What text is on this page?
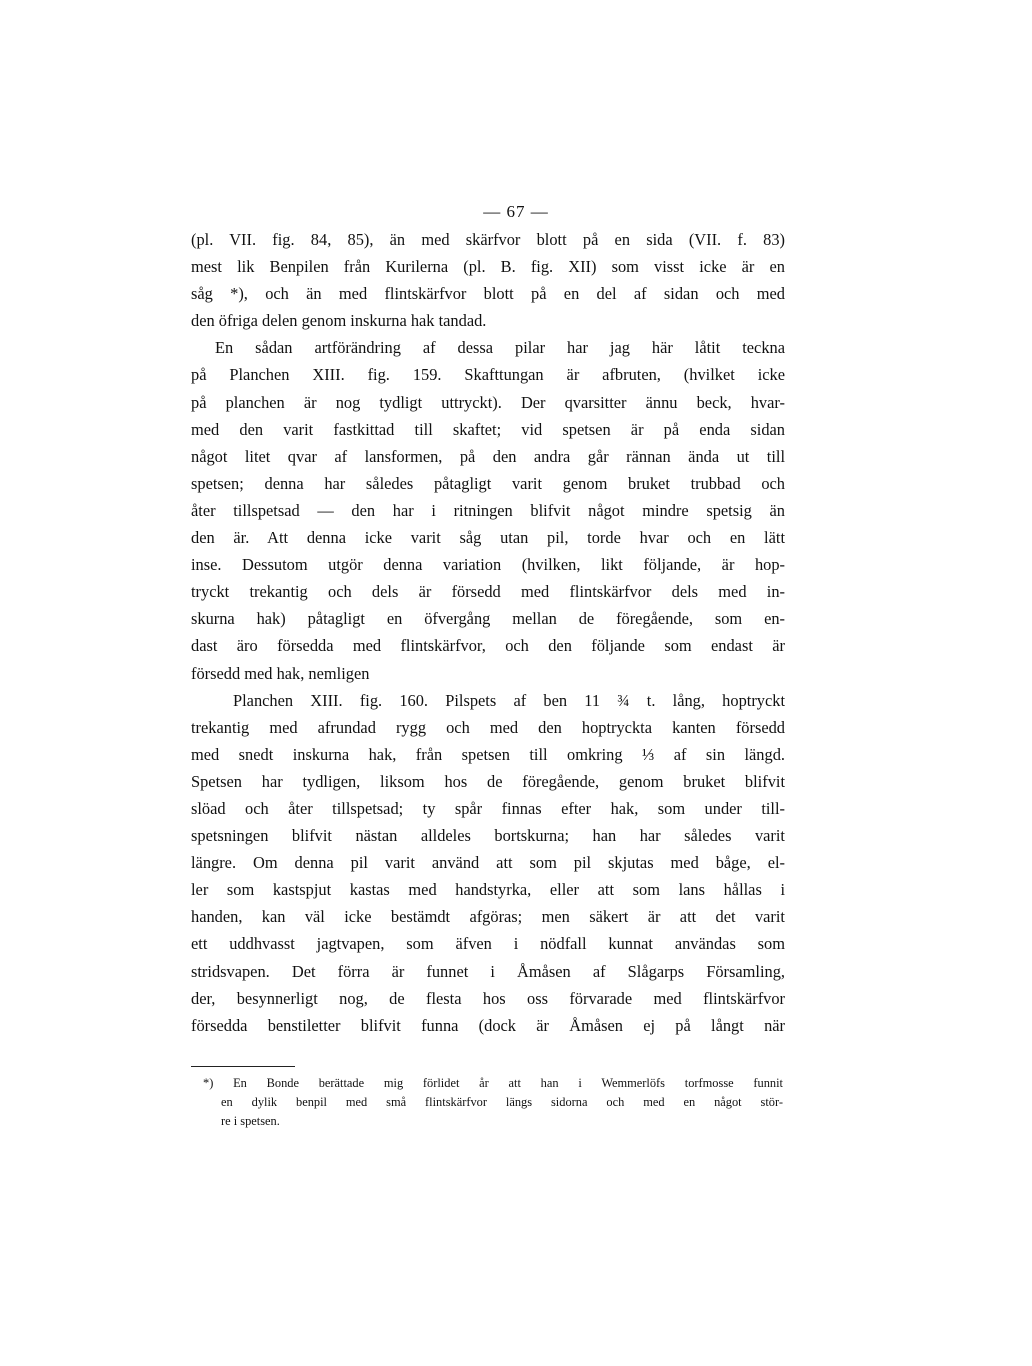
— 67 —
(pl. VII. fig. 84, 85), än med skärfvor blott på en sida (VII. f. 83)
mest lik Benpilen från Kurilerna (pl. B. fig. XII) som visst icke är en
såg *), och än med flintskärfvor blott på en del af sidan och med
den öfriga delen genom inskurna hak tandad.
En sådan artförändring af dessa pilar har jag här låtit teckna
på Planchen XIII. fig. 159. Skafttungan är afbruten, (hvilket icke
på planchen är nog tydligt uttryckt). Der qvarsitter ännu beck, hvar-
med den varit fastkittad till skaftet; vid spetsen är på enda sidan
något litet qvar af lansformen, på den andra går rännan ända ut till
spetsen; denna har således påtagligt varit genom bruket trubbad och
åter tillspetsad — den har i ritningen blifvit något mindre spetsig än
den är. Att denna icke varit såg utan pil, torde hvar och en lätt
inse. Dessutom utgör denna variation (hvilken, likt följande, är hop-
tryckt trekantig och dels är försedd med flintskärfvor dels med in-
skurna hak) påtagligt en öfvergång mellan de föregående, som en-
dast äro försedda med flintskärfvor, och den följande som endast är
försedd med hak, nemligen
Planchen XIII. fig. 160. Pilspets af ben 11 ¾ t. lång, hoptryckt
trekantig med afrundad rygg och med den hoptryckta kanten försedd
med snedt inskurna hak, från spetsen till omkring ⅓ af sin längd.
Spetsen har tydligen, liksom hos de föregående, genom bruket blifvit
slöad och åter tillspetsad; ty spår finnas efter hak, som under till-
spetsningen blifvit nästan alldeles bortskurna; han har således varit
längre. Om denna pil varit använd att som pil skjutas med båge, el-
ler som kastspjut kastas med handstyrka, eller att som lans hållas i
handen, kan väl icke bestämdt afgöras; men säkert är att det varit
ett uddhvasst jagtvapen, som äfven i nödfall kunnat användas som
stridsvapen. Det förra är funnet i Åmåsen af Slågarps Församling,
der, besynnerligt nog, de flesta hos oss förvarade med flintskärfvor
försedda benstiletter blifvit funna (dock är Åmåsen ej på långt när
*) En Bonde berättade mig förlidet år att han i Wemmerlöfs torfmosse funnit
en dylik benpil med små flintskärfvor längs sidorna och med en något stör-
re i spetsen.
